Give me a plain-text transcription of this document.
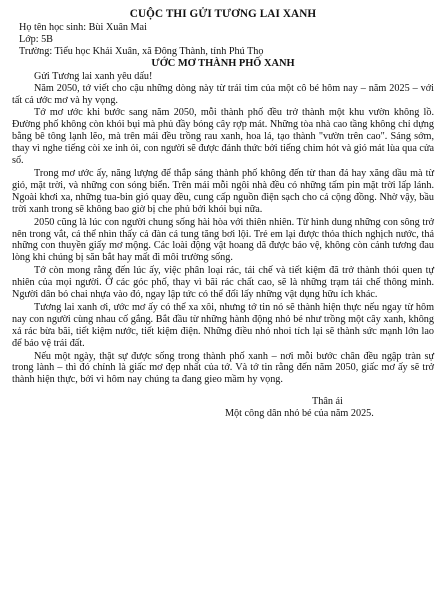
CUỘC THI GỬI TƯƠNG LAI XANH
Họ tên học sinh: Bùi Xuân Mai
Lớp: 5B
Trường: Tiểu học Khải Xuân, xã Đông Thành, tỉnh Phú Thọ
ƯỚC MƠ THÀNH PHỐ XANH
Gửi Tương lai xanh yêu dấu!

Năm 2050, tớ viết cho cậu những dòng này từ trái tim của một cô bé hôm nay – năm 2025 – với tất cả ước mơ và hy vọng.

Tớ mơ ước khi bước sang năm 2050, mỗi thành phố đều trở thành một khu vườn không lồ. Đường phố không còn khói bụi mà phủ đầy bóng cây rợp mát. Những tòa nhà cao tầng không chỉ dựng bằng bê tông lạnh lẽo, mà trên mái đều trồng rau xanh, hoa lá, tạo thành "vườn trên cao". Sáng sớm, thay vì nghe tiếng còi xe inh ỏi, con người sẽ được đánh thức bởi tiếng chim hót và gió mát lùa qua cửa sổ.

Trong mơ ước ấy, năng lượng để thắp sáng thành phố không đến từ than đá hay xăng dầu mà từ gió, mặt trời, và những con sóng biển. Trên mái mỗi ngôi nhà đều có những tấm pin mặt trời lấp lánh. Ngoài khơi xa, những tua-bin gió quay đều, cung cấp nguồn điện sạch cho cả cộng đồng. Nhờ vậy, bầu trời xanh trong sẽ không bao giờ bị che phủ bởi khói bụi nữa.

2050 cũng là lúc con người chung sống hài hòa với thiên nhiên. Từ hình dung những con sông trở nên trong vắt, cá thể nhìn thấy cả đàn cá tung tăng bơi lội. Trẻ em lại được thỏa thích nghịch nước, thả những con thuyền giấy mơ mộng. Các loài động vật hoang dã được bảo vệ, không còn cảnh tương đau lòng khi chúng bị săn bắt hay mất đi môi trường sống.

Tớ còn mong rằng đến lúc ấy, việc phân loại rác, tái chế và tiết kiệm đã trở thành thói quen tự nhiên của mọi người. Ở các góc phố, thay vì bãi rác chất cao, sẽ là những trạm tái chế thông minh. Người dân bỏ chai nhựa vào đó, ngay lập tức có thể đổi lấy những vật dụng hữu ích khác.

Tương lai xanh ơi, ước mơ ấy có thể xa xôi, nhưng tớ tin nó sẽ thành hiện thực nếu ngay từ hôm nay con người cùng nhau cố gắng. Bắt đầu từ những hành động nhỏ bé như trồng một cây xanh, không xả rác bừa bãi, tiết kiệm nước, tiết kiệm điện. Những điều nhỏ nhoi tích lại sẽ thành sức mạnh lớn lao để bảo vệ trái đất.

Nếu một ngày, thật sự được sống trong thành phố xanh – nơi mỗi bước chân đều ngập tràn sự trong lành – thì đó chính là giấc mơ đẹp nhất của tớ. Và tớ tin rằng đến năm 2050, giấc mơ ấy sẽ trở thành hiện thực, bởi vì hôm nay chúng ta đang gieo mầm hy vọng.

Thân ái
Một công dân nhỏ bé của năm 2025.
